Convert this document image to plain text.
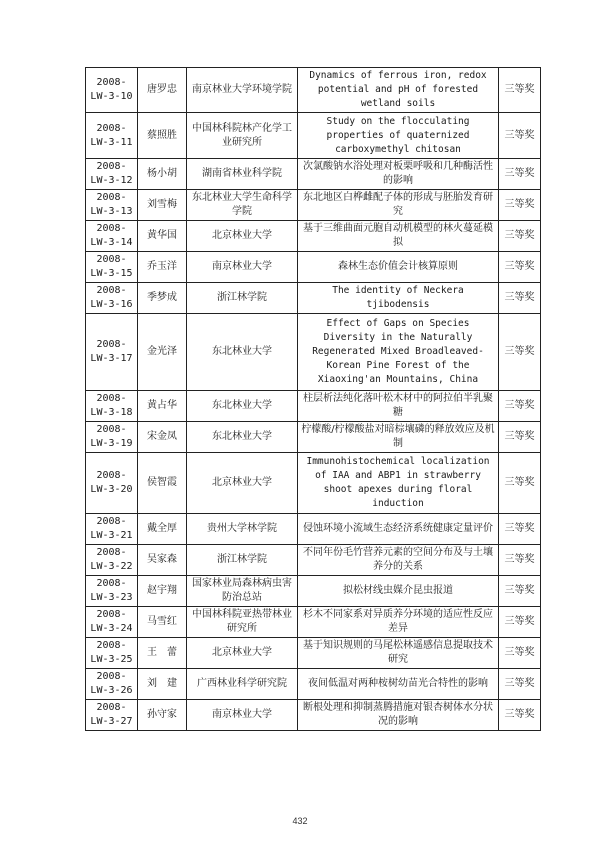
2008-LW-3-10	唐罗忠	南京林业大学环境学院	Dynamics of ferrous iron, redox potential and pH of forested wetland soils	三等奖
2008-LW-3-11	蔡照胜	中国林科院林产化学工业研究所	Study on the flocculating properties of quaternized carboxymethyl chitosan	三等奖
2008-LW-3-12	杨小胡	湖南省林业科学院	次氯酸钠水浴处理对板栗呼吸和几种酶活性的影响	三等奖
2008-LW-3-13	刘雪梅	东北林业大学生命科学学院	东北地区白桦雌配子体的形成与胚胎发育研究	三等奖
2008-LW-3-14	黄华国	北京林业大学	基于三维曲面元胞自动机模型的林火蔓延模拟	三等奖
2008-LW-3-15	乔玉洋	南京林业大学	森林生态价值会计核算原则	三等奖
2008-LW-3-16	季梦成	浙江林学院	The identity of Neckera tjibodensis	三等奖
2008-LW-3-17	金光泽	东北林业大学	Effect of Gaps on Species Diversity in the Naturally Regenerated Mixed Broadleaved-Korean Pine Forest of the Xiaoxing'an Mountains, China	三等奖
2008-LW-3-18	黄占华	东北林业大学	柱层析法纯化落叶松木材中的阿拉伯半乳聚糖	三等奖
2008-LW-3-19	宋金凤	东北林业大学	柠檬酸/柠檬酸盐对暗棕壤磷的释放效应及机制	三等奖
2008-LW-3-20	侯智霞	北京林业大学	Immunohistochemical localization of IAA and ABP1 in strawberry shoot apexes during floral induction	三等奖
2008-LW-3-21	戴全厚	贵州大学林学院	侵蚀环境小流域生态经济系统健康定量评价	三等奖
2008-LW-3-22	吴家森	浙江林学院	不同年份毛竹营养元素的空间分布及与土壤养分的关系	三等奖
2008-LW-3-23	赵宇翔	国家林业局森林病虫害防治总站	拟松材线虫媒介昆虫报道	三等奖
2008-LW-3-24	马雪红	中国林科院亚热带林业研究所	杉木不同家系对异质养分环境的适应性反应差异	三等奖
2008-LW-3-25	王　蕾	北京林业大学	基于知识规则的马尾松林遥感信息提取技术研究	三等奖
2008-LW-3-26	刘　建	广西林业科学研究院	夜间低温对两种桉树幼苗光合特性的影响	三等奖
2008-LW-3-27	孙守家	南京林业大学	断根处理和抑制蒸腾措施对银杏树体水分状况的影响	三等奖
432
